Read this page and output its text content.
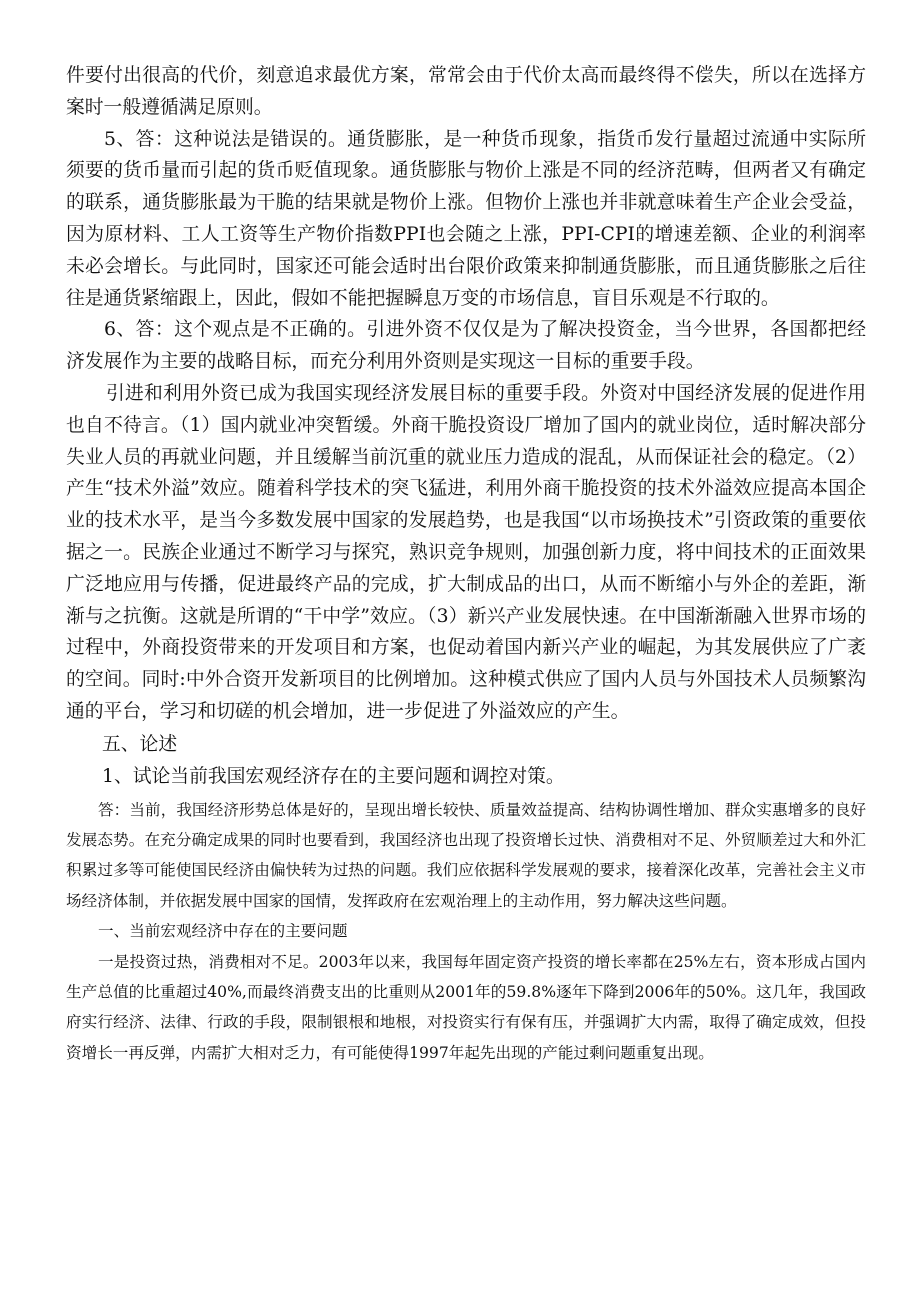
件要付出很高的代价，刻意追求最优方案，常常会由于代价太高而最终得不偿失，所以在选择方案时一般遵循满足原则。

5、答：这种说法是错误的。通货膨胀，是一种货币现象，指货币发行量超过流通中实际所须要的货币量而引起的货币贬值现象。通货膨胀与物价上涨是不同的经济范畴，但两者又有确定的联系，通货膨胀最为干脆的结果就是物价上涨。但物价上涨也并非就意味着生产企业会受益，因为原材料、工人工资等生产物价指数PPI也会随之上涨，PPI-CPI的增速差额、企业的利润率未必会增长。与此同时，国家还可能会适时出台限价政策来抑制通货膨胀，而且通货膨胀之后往往是通货紧缩跟上，因此，假如不能把握瞬息万变的市场信息，盲目乐观是不行取的。

6、答：这个观点是不正确的。引进外资不仅仅是为了解决投资金，当今世界，各国都把经济发展作为主要的战略目标，而充分利用外资则是实现这一目标的重要手段。

引进和利用外资已成为我国实现经济发展目标的重要手段。外资对中国经济发展的促进作用也自不待言。（1）国内就业冲突暂缓。外商干脆投资设厂增加了国内的就业岗位，适时解决部分失业人员的再就业问题，并且缓解当前沉重的就业压力造成的混乱，从而保证社会的稳定。（2）产生“技术外溢”效应。随着科学技术的突飞猛进，利用外商干脆投资的技术外溢效应提高本国企业的技术水平，是当今多数发展中国家的发展趋势，也是我国“以市场换技术”引资政策的重要依据之一。民族企业通过不断学习与探究，熟识竞争规则，加强创新力度，将中间技术的正面效果广泛地应用与传播，促进最终产品的完成，扩大制成品的出口，从而不断缩小与外企的差距，渐渐与之抗衡。这就是所谓的“干中学”效应。（3）新兴产业发展快速。在中国渐渐融入世界市场的过程中，外商投资带来的开发项目和方案，也促动着国内新兴产业的崛起，为其发展供应了广袤的空间。同时:中外合资开发新项目的比例增加。这种模式供应了国内人员与外国技术人员频繁沟通的平台，学习和切磋的机会增加，进一步促进了外溢效应的产生。

五、论述

1、试论当前我国宏观经济存在的主要问题和调控对策。

答：当前，我国经济形势总体是好的，呈现出增长较快、质量效益提高、结构协调性增加、群众实惠增多的良好发展态势。在充分确定成果的同时也要看到，我国经济也出现了投资增长过快、消费相对不足、外贸顺差过大和外汇积累过多等可能使国民经济由偏快转为过热的问题。我们应依据科学发展观的要求，接着深化改革，完善社会主义市场经济体制，并依据发展中国家的国情，发挥政府在宏观治理上的主动作用，努力解决这些问题。

一、当前宏观经济中存在的主要问题

一是投资过热，消费相对不足。2003年以来，我国每年固定资产投资的增长率都在25%左右，资本形成占国内生产总值的比重超过40%,而最终消费支出的比重则从2001年的59.8%逐年下降到2006年的50%。这几年，我国政府实行经济、法律、行政的手段，限制银根和地根，对投资实行有保有压，并强调扩大内需，取得了确定成效，但投资增长一再反弹，内需扩大相对乏力，有可能使得1997年起先出现的产能过剩问题重复出现。
